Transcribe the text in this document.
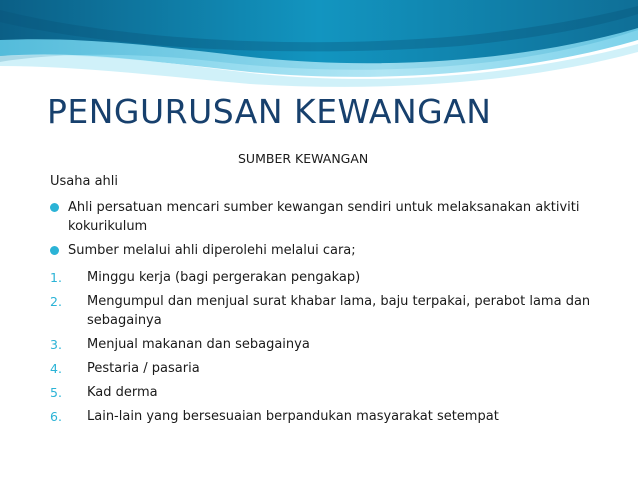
PENGURUSAN KEWANGAN
SUMBER KEWANGAN
Usaha ahli
Ahli persatuan mencari sumber kewangan sendiri untuk melaksanakan aktiviti kokurikulum
Sumber melalui ahli diperolehi melalui cara;
1. Minggu kerja (bagi pergerakan pengakap)
2. Mengumpul dan menjual surat khabar lama, baju terpakai, perabot lama dan sebagainya
3. Menjual makanan dan sebagainya
4. Pestaria / pasaria
5. Kad derma
6. Lain-lain yang bersesuaian berpandukan masyarakat setempat
